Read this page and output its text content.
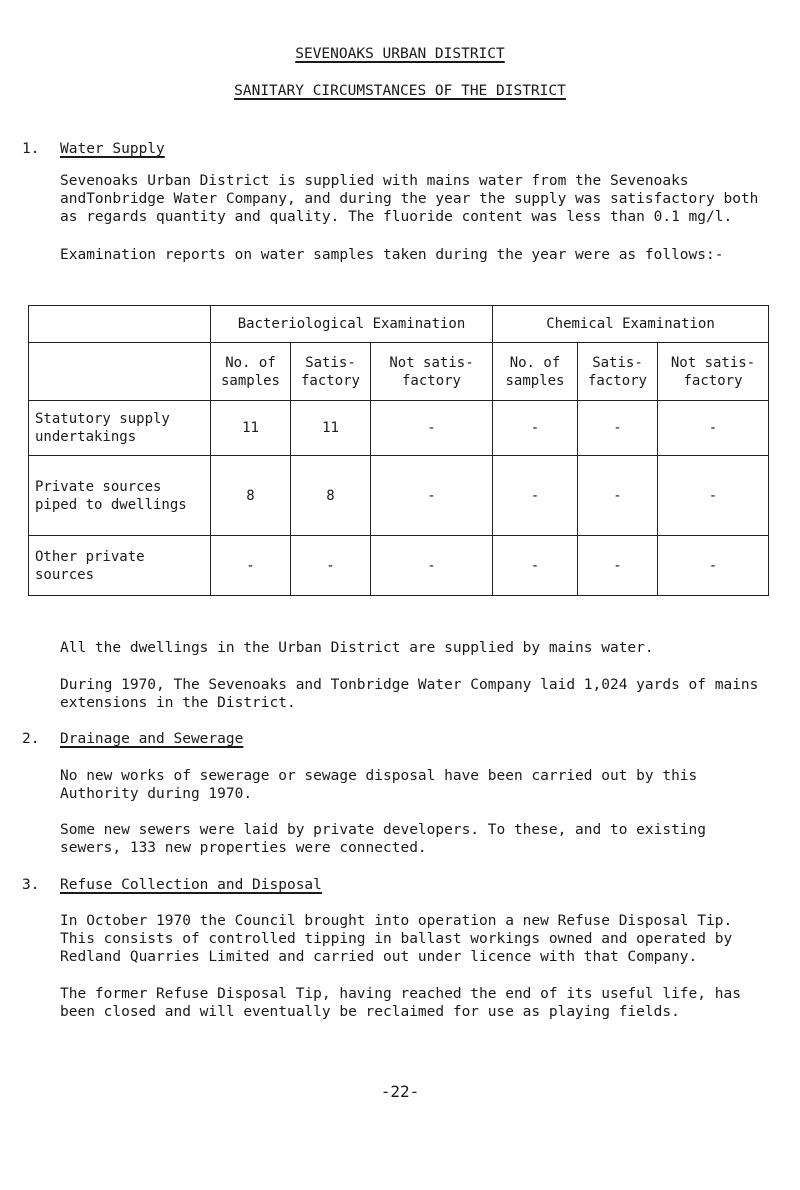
SEVENOAKS URBAN DISTRICT
SANITARY CIRCUMSTANCES OF THE DISTRICT
1. Water Supply
Sevenoaks Urban District is supplied with mains water from the Sevenoaks andTonbridge Water Company, and during the year the supply was satisfactory both as regards quantity and quality. The fluoride content was less than 0.1 mg/l.
Examination reports on water samples taken during the year were as follows:-
	Bacteriological Examination			Chemical Examination		
	No. of samples	Satis- factory	Not satis- factory	No. of samples	Satis- factory	Not satis- factory
Statutory supply undertakings	11	11	-	-	-	-
Private sources piped to dwellings	8	8	-	-	-	-
Other private sources	-	-	-	-	-	-
All the dwellings in the Urban District are supplied by mains water.
During 1970, The Sevenoaks and Tonbridge Water Company laid 1,024 yards of mains extensions in the District.
2. Drainage and Sewerage
No new works of sewerage or sewage disposal have been carried out by this Authority during 1970.
Some new sewers were laid by private developers. To these, and to existing sewers, 133 new properties were connected.
3. Refuse Collection and Disposal
In October 1970 the Council brought into operation a new Refuse Disposal Tip. This consists of controlled tipping in ballast workings owned and operated by Redland Quarries Limited and carried out under licence with that Company.
The former Refuse Disposal Tip, having reached the end of its useful life, has been closed and will eventually be reclaimed for use as playing fields.
-22-
